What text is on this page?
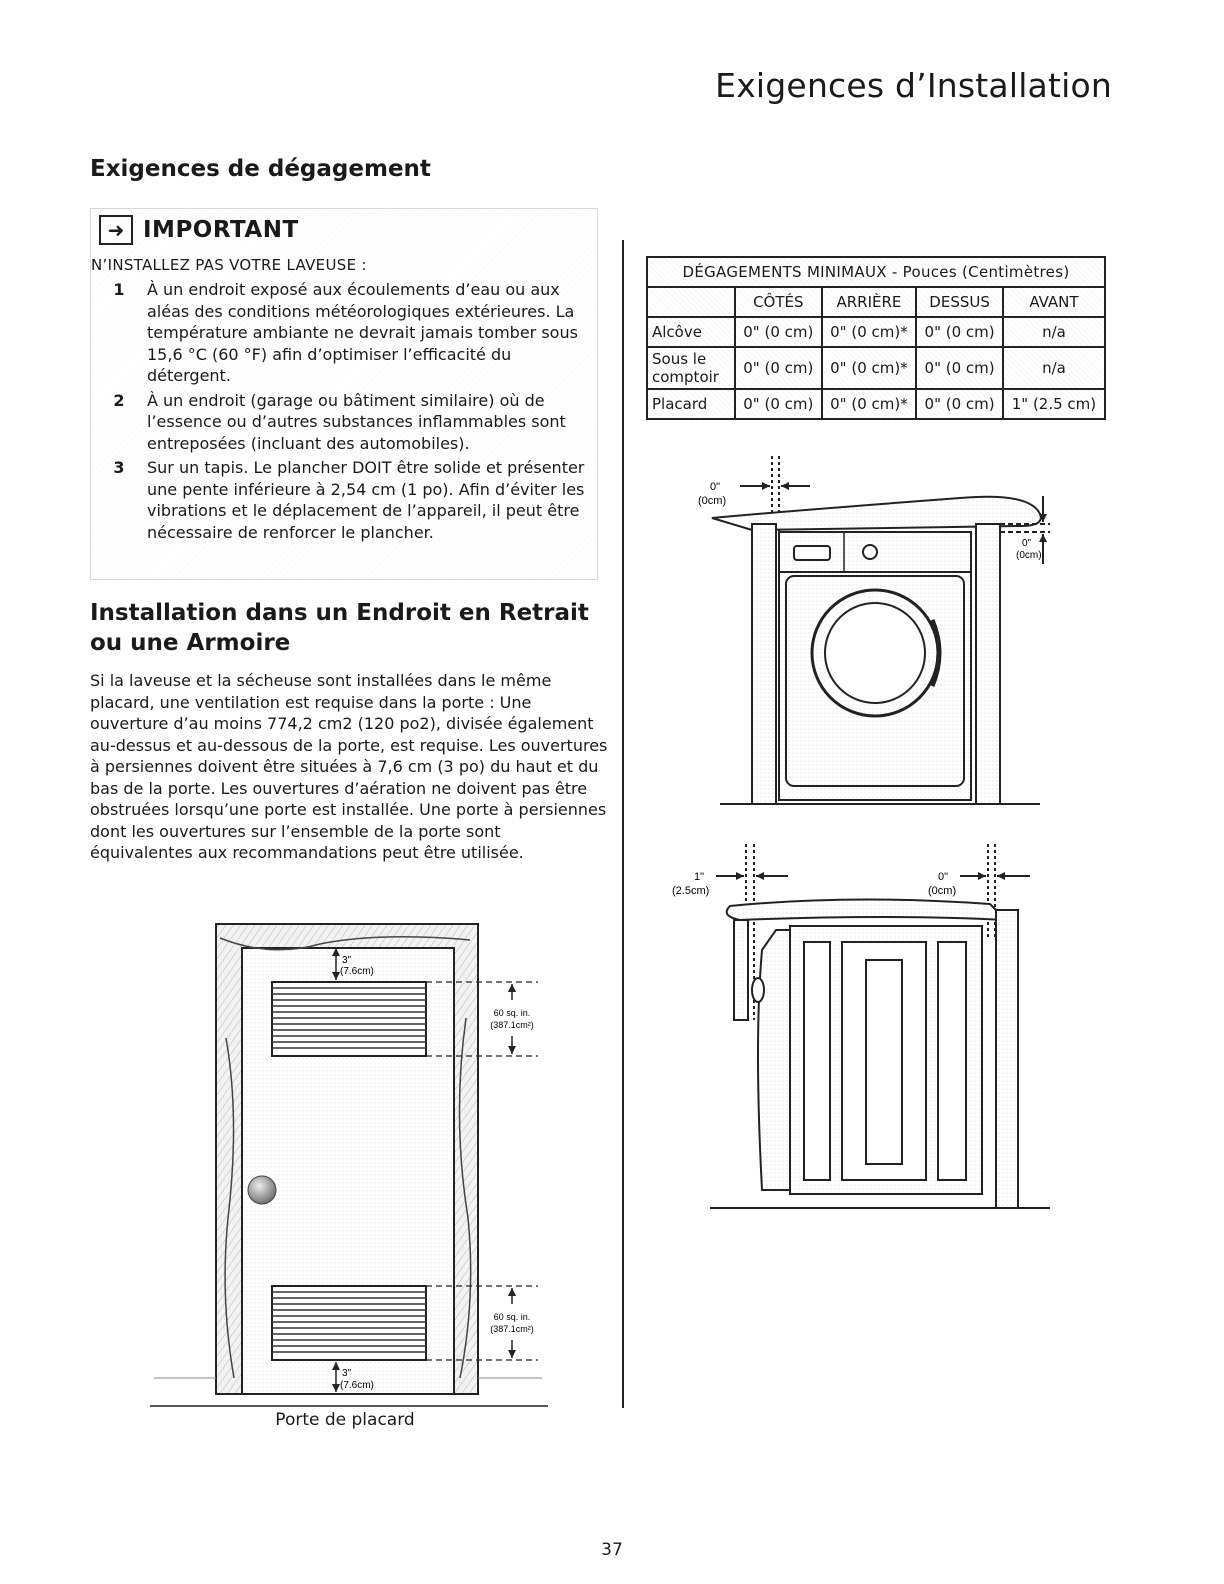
Exigences d’Installation
Exigences de dégagement
➜ IMPORTANT
N’INSTALLEZ PAS VOTRE LAVEUSE :
1	À un endroit exposé aux écoulements d’eau ou aux aléas des conditions météorologiques extérieures. La température ambiante ne devrait jamais tomber sous 15,6 °C (60 °F) afin d’optimiser l’efficacité du détergent.
2	À un endroit (garage ou bâtiment similaire) où de l’essence ou d’autres substances inflammables sont entreposées (incluant des automobiles).
3	Sur un tapis. Le plancher DOIT être solide et présenter une pente inférieure à 2,54 cm (1 po). Afin d’éviter les vibrations et le déplacement de l’appareil, il peut être nécessaire de renforcer le plancher.
Installation dans un Endroit en Retrait ou une Armoire

Si la laveuse et la sécheuse sont installées dans le même placard, une ventilation est requise dans la porte : Une ouverture d’au moins 774,2 cm2 (120 po2), divisée également au-dessus et au-dessous de la porte, est requise. Les ouvertures à persiennes doivent être situées à 7,6 cm (3 po) du haut et du bas de la porte. Les ouvertures d’aération ne doivent pas être obstruées lorsqu’une porte est installée. Une porte à persiennes dont les ouvertures sur l’ensemble de la porte sont équivalentes aux recommandations peut être utilisée.

DÉGAGEMENTS MINIMAUX - Pouces (Centimètres)				
	CÔTÉS	ARRIÈRE	DESSUS	AVANT
Alcôve	0" (0 cm)	0" (0 cm)*	0" (0 cm)	n/a
Sous le comptoir	0" (0 cm)	0" (0 cm)*	0" (0 cm)	n/a
Placard	0" (0 cm)	0" (0 cm)*	0" (0 cm)	1" (2.5 cm)
0"
(0cm)
0"
(0cm)
1"
(2.5cm)
0"
(0cm)
3"
(7.6cm)
3"
(7.6cm)
60 sq. in.
(387.1cm²)
60 sq. in.
(387.1cm²)
Porte de placard
37
